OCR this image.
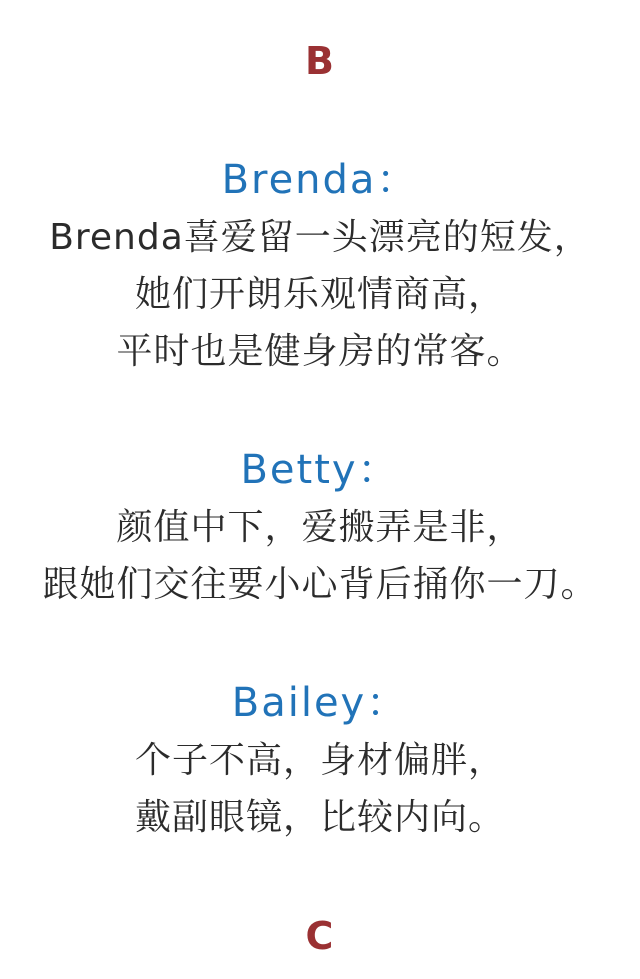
B
Brenda：

Brenda喜爱留一头漂亮的短发，

她们开朗乐观情商高，

平时也是健身房的常客。

Betty：

颜值中下，爱搬弄是非，

跟她们交往要小心背后捅你一刀。

Bailey：

个子不高，身材偏胖，

戴副眼镜，比较内向。

C
